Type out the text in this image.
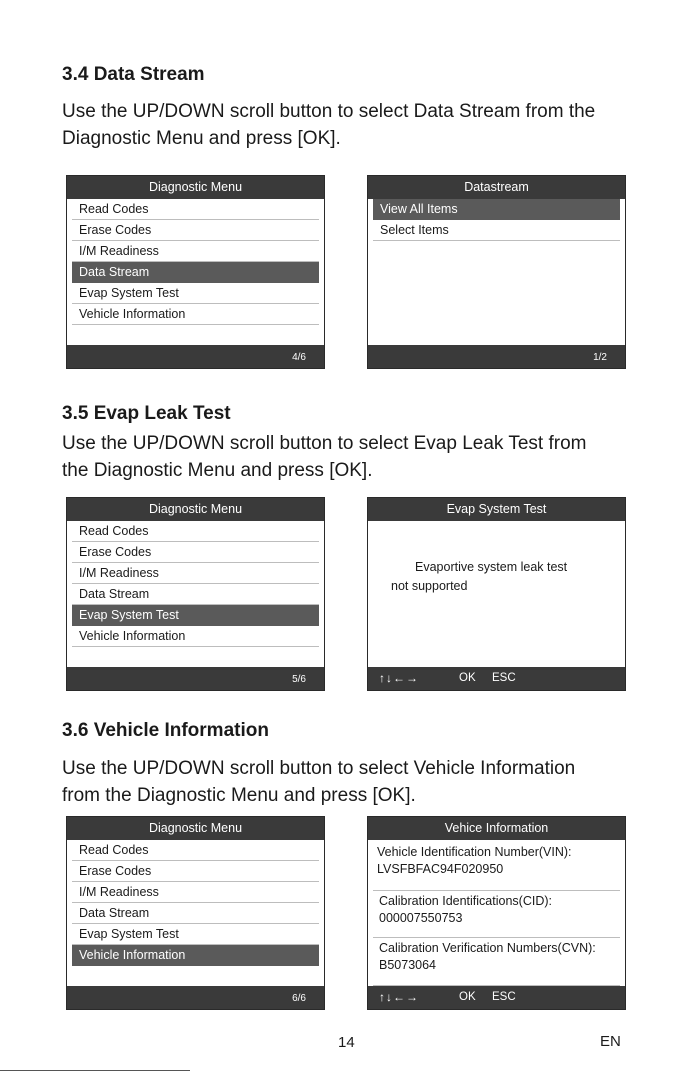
3.4 Data Stream

Use the UP/DOWN scroll button to select Data Stream from the
Diagnostic Menu and press [OK].

Diagnostic Menu
Read Codes
Erase Codes
I/M Readiness
Data Stream
Evap System Test
Vehicle Information
4/6
Datastream
View All Items
Select Items
1/2
3.5 Evap Leak Test

Use the UP/DOWN scroll button to select Evap Leak Test from
the Diagnostic Menu and press [OK].

Diagnostic Menu
Read Codes
Erase Codes
I/M Readiness
Data Stream
Evap System Test
Vehicle Information
5/6
Evap System Test
Evaportive system leak test
not supported
↑↓←→	OK ESC
3.6 Vehicle Information

Use the UP/DOWN scroll button to select Vehicle Information
from the Diagnostic Menu and press [OK].

Diagnostic Menu
Read Codes
Erase Codes
I/M Readiness
Data Stream
Evap System Test
Vehicle Information
6/6
Vehice Information
Vehicle Identification Number(VIN):
LVSFBFAC94F020950
Calibration Identifications(CID):
000007550753
Calibration Verification Numbers(CVN):
B5073064
↑↓←→	OK ESC
14	EN
